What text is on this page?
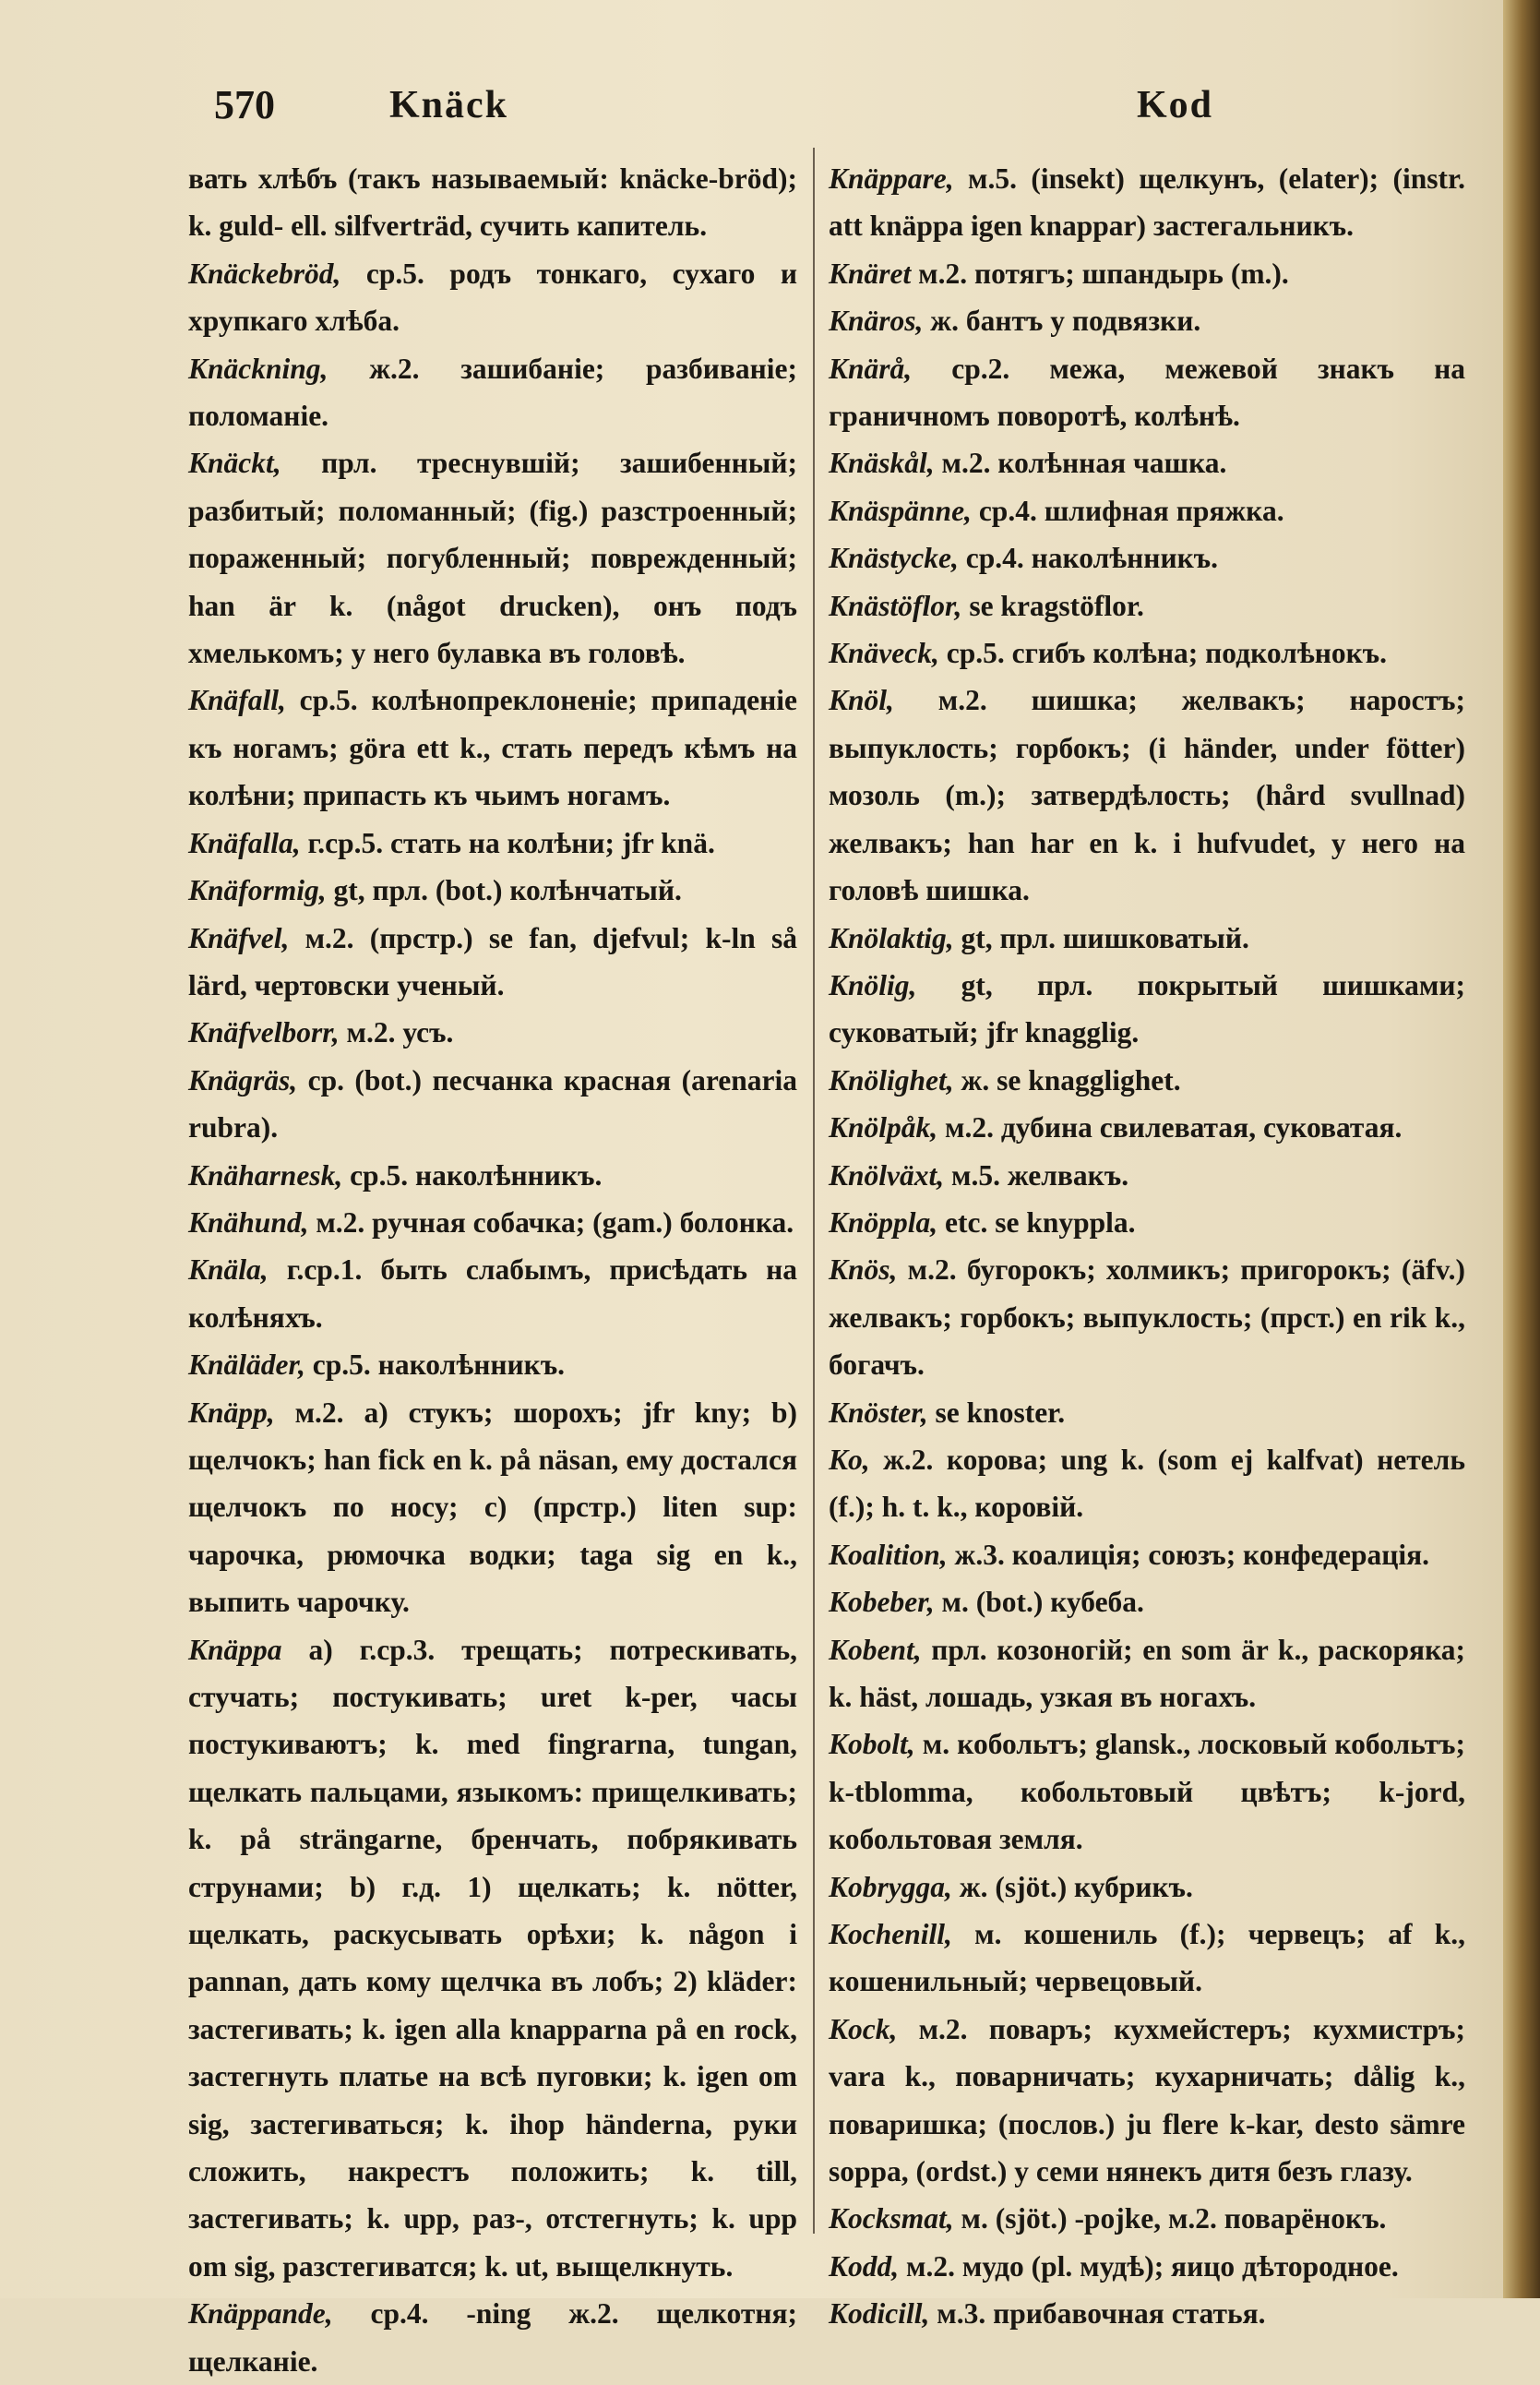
570	Knäck	Kod

вать хлѣбъ (такъ называемый: knäcke-bröd); k. guld- ell. silfverträd, сучить капитель.

Knäckebröd, ср.5. родъ тонкаго, сухаго и хрупкаго хлѣба.

Knäckning, ж.2. зашибаніе; разбиваніе; поломаніе.

Knäckt, прл. треснувшій; зашибенный; разбитый; поломанный; (fig.) разстроенный; пораженный; погубленный; поврежденный; han är k. (något drucken), онъ подъ хмелькомъ; у него булавка въ головѣ.

Knäfall, ср.5. колѣнопреклоненіе; припаденіе къ ногамъ; göra ett k., стать передъ кѣмъ на колѣни; припасть къ чьимъ ногамъ.

Knäfalla, г.ср.5. стать на колѣни; jfr knä.

Knäformig, gt, прл. (bot.) колѣнчатый.

Knäfvel, м.2. (прстр.) se fan, djefvul; k-ln så lärd, чертовски ученый.

Knäfvelborr, м.2. усъ.

Knägräs, ср. (bot.) песчанка красная (arenaria rubra).

Knäharnesk, ср.5. наколѣнникъ.

Knähund, м.2. ручная собачка; (gam.) болонка.

Knäla, г.ср.1. быть слабымъ, присѣдать на колѣняхъ.

Knäläder, ср.5. наколѣнникъ.

Knäpp, м.2. a) стукъ; шорохъ; jfr kny; b) щелчокъ; han fick en k. på näsan, ему достался щелчокъ по носу; c) (прстр.) liten sup: чарочка, рюмочка водки; taga sig en k., выпить чарочку.

Knäppa a) г.ср.3. трещать; потрескивать, стучать; постукивать; uret k-per, часы постукиваютъ; k. med fingrarna, tungan, щелкать пальцами, языкомъ: прищелкивать; k. på strängarne, бренчать, побрякивать струнами; b) г.д. 1) щелкать; k. nötter, щелкать, раскусывать орѣхи; k. någon i pannan, дать кому щелчка въ лобъ; 2) kläder: застегивать; k. igen alla knapparna på en rock, застегнуть платье на всѣ пуговки; k. igen om sig, застегиваться; k. ihop händerna, руки сложить, накрестъ положить; k. till, застегивать; k. upp, раз-, отстегнуть; k. upp om sig, разстегиватся; k. ut, выщелкнуть.

Knäppande, ср.4. -ning ж.2. щелкотня; щелканіе.

Knäppare, м.5. (insekt) щелкунъ, (elater); (instr. att knäppa igen knappar) застегальникъ.

Knäret м.2. потягъ; шпандырь (m.).

Knäros, ж. бантъ у подвязки.

Knärå, ср.2. межа, межевой знакъ на граничномъ поворотѣ, колѣнѣ.

Knäskål, м.2. колѣнная чашка.

Knäspänne, ср.4. шлифная пряжка.

Knästycke, ср.4. наколѣнникъ.

Knästöflor, se kragstöflor.

Knäveck, ср.5. сгибъ колѣна; подколѣнокъ.

Knöl, м.2. шишка; желвакъ; наростъ; выпуклость; горбокъ; (i händer, under fötter) мозоль (m.); затвердѣлость; (hård svullnad) желвакъ; han har en k. i hufvudet, у него на головѣ шишка.

Knölaktig, gt, прл. шишковатый.

Knölig, gt, прл. покрытый шишками; суковатый; jfr knagglig.

Knölighet, ж. se knagglighet.

Knölpåk, м.2. дубина свилеватая, суковатая.

Knölväxt, м.5. желвакъ.

Knöppla, etc. se knyppla.

Knös, м.2. бугорокъ; холмикъ; пригорокъ; (äfv.) желвакъ; горбокъ; выпуклость; (прст.) en rik k., богачъ.

Knöster, se knoster.

Ko, ж.2. корова; ung k. (som ej kalfvat) нетель (f.); h. t. k., коровій.

Koalition, ж.3. коалиція; союзъ; конфедерація.

Kobeber, м. (bot.) кубеба.

Kobent, прл. козоногій; en som är k., раскоряка; k. häst, лошадь, узкая въ ногахъ.

Kobolt, м. кобольтъ; glansk., лосковый кобольтъ; k-tblomma, кобольтовый цвѣтъ; k-jord, кобольтовая земля.

Kobrygga, ж. (sjöt.) кубрикъ.

Kochenill, м. кошениль (f.); червецъ; af k., кошенильный; червецовый.

Kock, м.2. поваръ; кухмейстеръ; кухмистръ; vara k., поварничать; кухарничать; dålig k., поваришка; (послов.) ju flere k-kar, desto sämre soppa, (ordst.) у семи нянекъ дитя безъ глазу.

Kocksmat, м. (sjöt.) -pojke, м.2. поварёнокъ.

Kodd, м.2. мудо (pl. мудѣ); яицо дѣтородное.

Kodicill, м.3. прибавочная статья.
